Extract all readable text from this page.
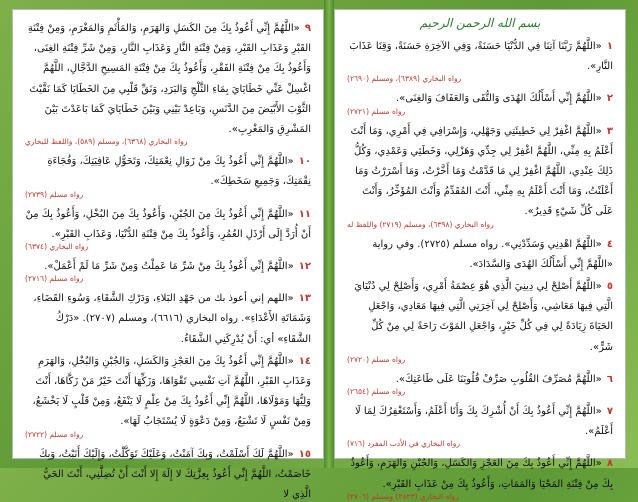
بسم الله الرحمن الرحيم
١ «اللَّهُمَّ رَبَّنَا آتِنَا فِي الدُّنْيَا حَسَنَةً، وَفِي الآخِرَةِ حَسَنَةً، وَقِنَا عَذَابَ النَّارِ».
رواه البخاري (٦٣٨٩)، ومسلم (٢٦٩٠)
٢ «اللَّهُمَّ إِنِّي أَسْأَلُكَ الهُدَى وَالتُّقَى وَالعَفَافَ وَالغِنَى».
رواه مسلم (٢٧٢١)
٣ «اللَّهُمَّ اغْفِرْ لِي خَطِيئَتِي وَجَهْلِي، وَإِسْرَافِي فِي أَمْرِي، وَمَا أَنْتَ أَعْلَمُ بِهِ مِنِّي، اللَّهُمَّ اغْفِرْ لِي جِدِّي وَهَزْلِي، وَخَطَئِي وَعَمْدِي، وَكُلُّ ذَلِكَ عِنْدِي، اللَّهُمَّ اغْفِرْ لِي مَا قَدَّمْتُ وَمَا أَخَّرْتُ، وَمَا أَسْرَرْتُ وَمَا أَعْلَنْتُ، وَمَا أَنْتَ أَعْلَمُ بِهِ مِنِّي، أَنْتَ المُقَدِّمُ وَأَنْتَ المُؤَخِّرُ، وَأَنْتَ عَلَى كُلِّ شَيْءٍ قَدِيرٌ».
رواه البخاري (٦٣٩٨)، ومسلم (٢٧١٩) واللفظ له
٤ «اللَّهُمَّ اهْدِنِي وَسَدِّدْنِي». رواه مسلم (٢٧٢٥). وفي رواية «اللَّهُمَّ إِنِّي أَسْأَلُكَ الهُدَى وَالسَّدَادَ».
٥ «اللَّهُمَّ أَصْلِحْ لِي دِينِيَ الَّذِي هُوَ عِصْمَةُ أَمْرِي، وَأَصْلِحْ لِي دُنْيَايَ الَّتِي فِيهَا مَعَاشِي، وَأَصْلِحْ لِي آخِرَتِي الَّتِي فِيهَا مَعَادِي، وَاجْعَلِ الحَيَاةَ زِيَادَةً لِي فِي كُلِّ خَيْرٍ، وَاجْعَلِ المَوْتَ رَاحَةً لِي مِنْ كُلِّ شَرٍّ».
رواه مسلم (٢٧٢٠)
٦ «اللَّهُمَّ مُصَرِّفَ القُلُوبِ صَرِّفْ قُلُوبَنَا عَلَى طَاعَتِكَ».
رواه مسلم (٢٦٥٤)
٧ «اللَّهُمَّ إِنِّي أَعُوذُ بِكَ أَنْ أُشْرِكَ بِكَ وَأَنَا أَعْلَمُ، وَأَسْتَغْفِرُكَ لِمَا لَا أَعْلَمُ».
رواه البخاري في الأدب المفرد (٧١٦)
٨ «اللَّهُمَّ إِنِّي أَعُوذُ بِكَ مِنَ العَجْزِ وَالكَسَلِ، وَالجُبْنِ وَالهَرَمِ، وَأَعُوذُ بِكَ مِنْ فِتْنَةِ المَحْيَا وَالمَمَاتِ، وَأَعُوذُ بِكَ مِنْ عَذَابِ القَبْرِ».
رواه البخاري (٢٨٢٣) ومسلم (٢٧٠٦)
٩ «اللَّهُمَّ إِنِّي أَعُوذُ بِكَ مِنَ الكَسَلِ وَالهَرَمِ، وَالمَأْثَمِ وَالمَغْرَمِ، وَمِنْ فِتْنَةِ القَبْرِ وَعَذَابِ القَبْرِ، وَمِنْ فِتْنَةِ النَّارِ وَعَذَابِ النَّارِ، وَمِنْ شَرِّ فِتْنَةِ الغِنَى، وَأَعُوذُ بِكَ مِنْ فِتْنَةِ الفَقْرِ، وَأَعُوذُ بِكَ مِنْ فِتْنَةِ المَسِيحِ الدَّجَّالِ، اللَّهُمَّ اغْسِلْ عَنِّي خَطَايَايَ بِمَاءِ الثَّلْجِ وَالبَرَدِ، وَنَقِّ قَلْبِي مِنَ الخَطَايَا كَمَا نَقَّيْتَ الثَّوْبَ الأَبْيَضَ مِنَ الدَّنَسِ، وَبَاعِدْ بَيْنِي وَبَيْنَ خَطَايَايَ كَمَا بَاعَدْتَ بَيْنَ المَشْرِقِ وَالمَغْرِبِ».
رواه البخاري (٦٣٦٨)، ومسلم (٥٨٩)، واللفظ للبخاري
١٠ «اللَّهُمَّ إِنِّي أَعُوذُ بِكَ مِنْ زَوَالِ نِعْمَتِكَ، وَتَحَوُّلِ عَافِيَتِكَ، وَفُجَاءَةِ نِقْمَتِكَ، وَجَمِيعِ سَخَطِكَ».
رواه مسلم (٢٧٣٩)
١١ «اللَّهُمَّ إِنِّي أَعُوذُ بِكَ مِنَ الجُبْنِ، وَأَعُوذُ بِكَ مِنَ البُخْلِ، وَأَعُوذُ بِكَ مِنْ أَنْ أُرَدَّ إِلَى أَرْذَلِ العُمُرِ، وَأَعُوذُ بِكَ مِنْ فِتْنَةِ الدُّنْيَا، وَعَذَابِ القَبْرِ».
رواه البخاري (٦٣٧٤)
١٢ «اللَّهُمَّ إِنِّي أَعُوذُ بِكَ مِنْ شَرِّ مَا عَمِلْتُ وَمِنْ شَرِّ مَا لَمْ أَعْمَلْ».
رواه مسلم (٢٧١٦)
١٣ «اللهم إني أعوذ بك من جَهْدِ البَلاءِ، وَدَرْكِ الشَّقَاءِ، وَسُوءِ القَضَاءِ، وَشَمَاتَةِ الأَعْدَاءِ». رواه البخاري (٦٦١٦)، ومسلم (٢٧٠٧). «دَرْكُ الشَّقَاءِ» أي: أَنْ يُدْرِكَنِي الشَّقَاءُ.
١٤ «اللَّهُمَّ إِنِّي أَعُوذُ بِكَ مِنَ العَجْزِ وَالكَسَلِ، وَالجُبْنِ وَالبُخْلِ، وَالهَرَمِ وَعَذَابِ القَبْرِ، اللَّهُمَّ آتِ نَفْسِي تَقْوَاهَا، وَزَكِّهَا أَنْتَ خَيْرُ مَنْ زَكَّاهَا، أَنْتَ وَلِيُّهَا وَمَوْلَاهَا، اللَّهُمَّ إِنِّي أَعُوذُ بِكَ مِنْ عِلْمٍ لَا يَنْفَعُ، وَمِنْ قَلْبٍ لَا يَخْشَعُ، وَمِنْ نَفْسٍ لَا تَشْبَعُ، وَمِنْ دَعْوَةٍ لَا يُسْتَجَابُ لَهَا».
رواه مسلم (٢٧٢٢)
١٥ «اللَّهُمَّ لَكَ أَسْلَمْتُ، وَبِكَ آمَنْتُ، وَعَلَيْكَ تَوَكَّلْتُ، وَإِلَيْكَ أَنَبْتُ، وَبِكَ خَاصَمْتُ، اللَّهُمَّ إِنِّي أَعُوذُ بِعِزَّتِكَ لا إِلَهَ إِلا أَنْتَ أَنْ تُضِلَّنِي، أَنْتَ الحَيُّ الَّذِي لا
